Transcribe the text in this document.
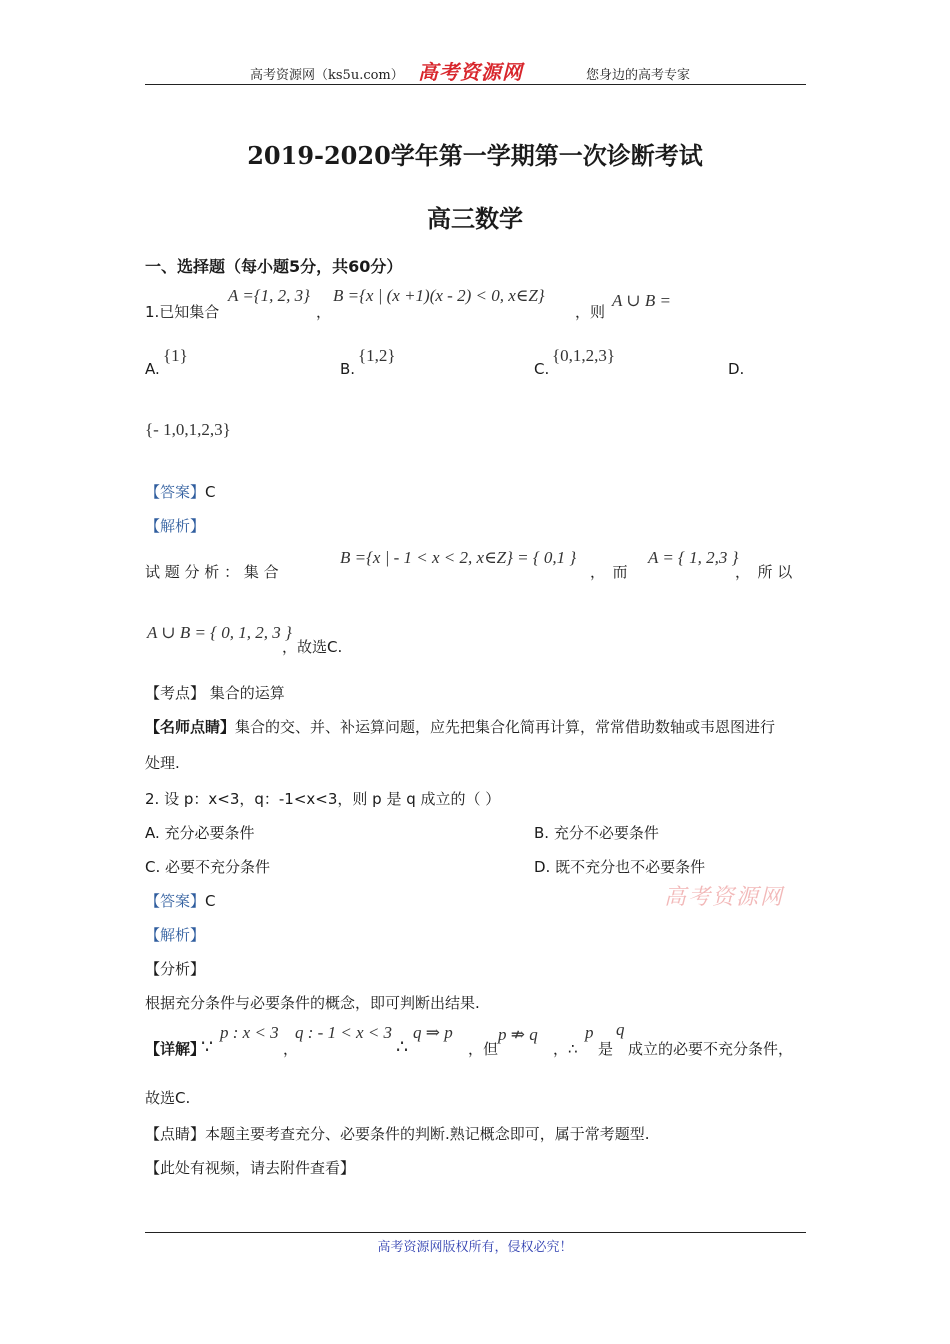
高考资源网（ks5u.com） 高考资源网	您身边的高考专家
2019-2020学年第一学期第一次诊断考试
高三数学
一、选择题（每小题5分，共60分）
1.已知集合
A ={1, 2, 3}
，
B ={x | (x +1)(x - 2) < 0, x∈Z}
，则
A ∪ B =
A.
{1}
B.
{1,2}
C.
{0,1,2,3}
D.
{- 1,0,1,2,3}
【答案】C
【解析】
试 题 分 析 ： 集 合
B ={x | - 1 < x < 2, x∈Z} = { 0,1 }
，　而
A = { 1, 2,3 }
，　所 以
A ∪ B = { 0, 1, 2, 3 }
，故选C.
【考点】 集合的运算
【名师点睛】集合的交、并、补运算问题，应先把集合化简再计算，常常借助数轴或韦恩图进行
处理.
2. 设 p：x<3，q：-1<x<3，则 p 是 q 成立的（ ）
A. 充分必要条件	B. 充分不必要条件
C. 必要不充分条件	D. 既不充分也不必要条件
高考资源网
【答案】C
【解析】
【分析】
根据充分条件与必要条件的概念，即可判断出结果.
【详解】
∵
p : x < 3
，
q : - 1 < x < 3
∴
q ⇒ p
，但
p ⇏ q
，∴
p
是
q
成立的必要不充分条件，
故选C.
【点睛】本题主要考查充分、必要条件的判断.熟记概念即可，属于常考题型.
【此处有视频，请去附件查看】
高考资源网版权所有，侵权必究！
